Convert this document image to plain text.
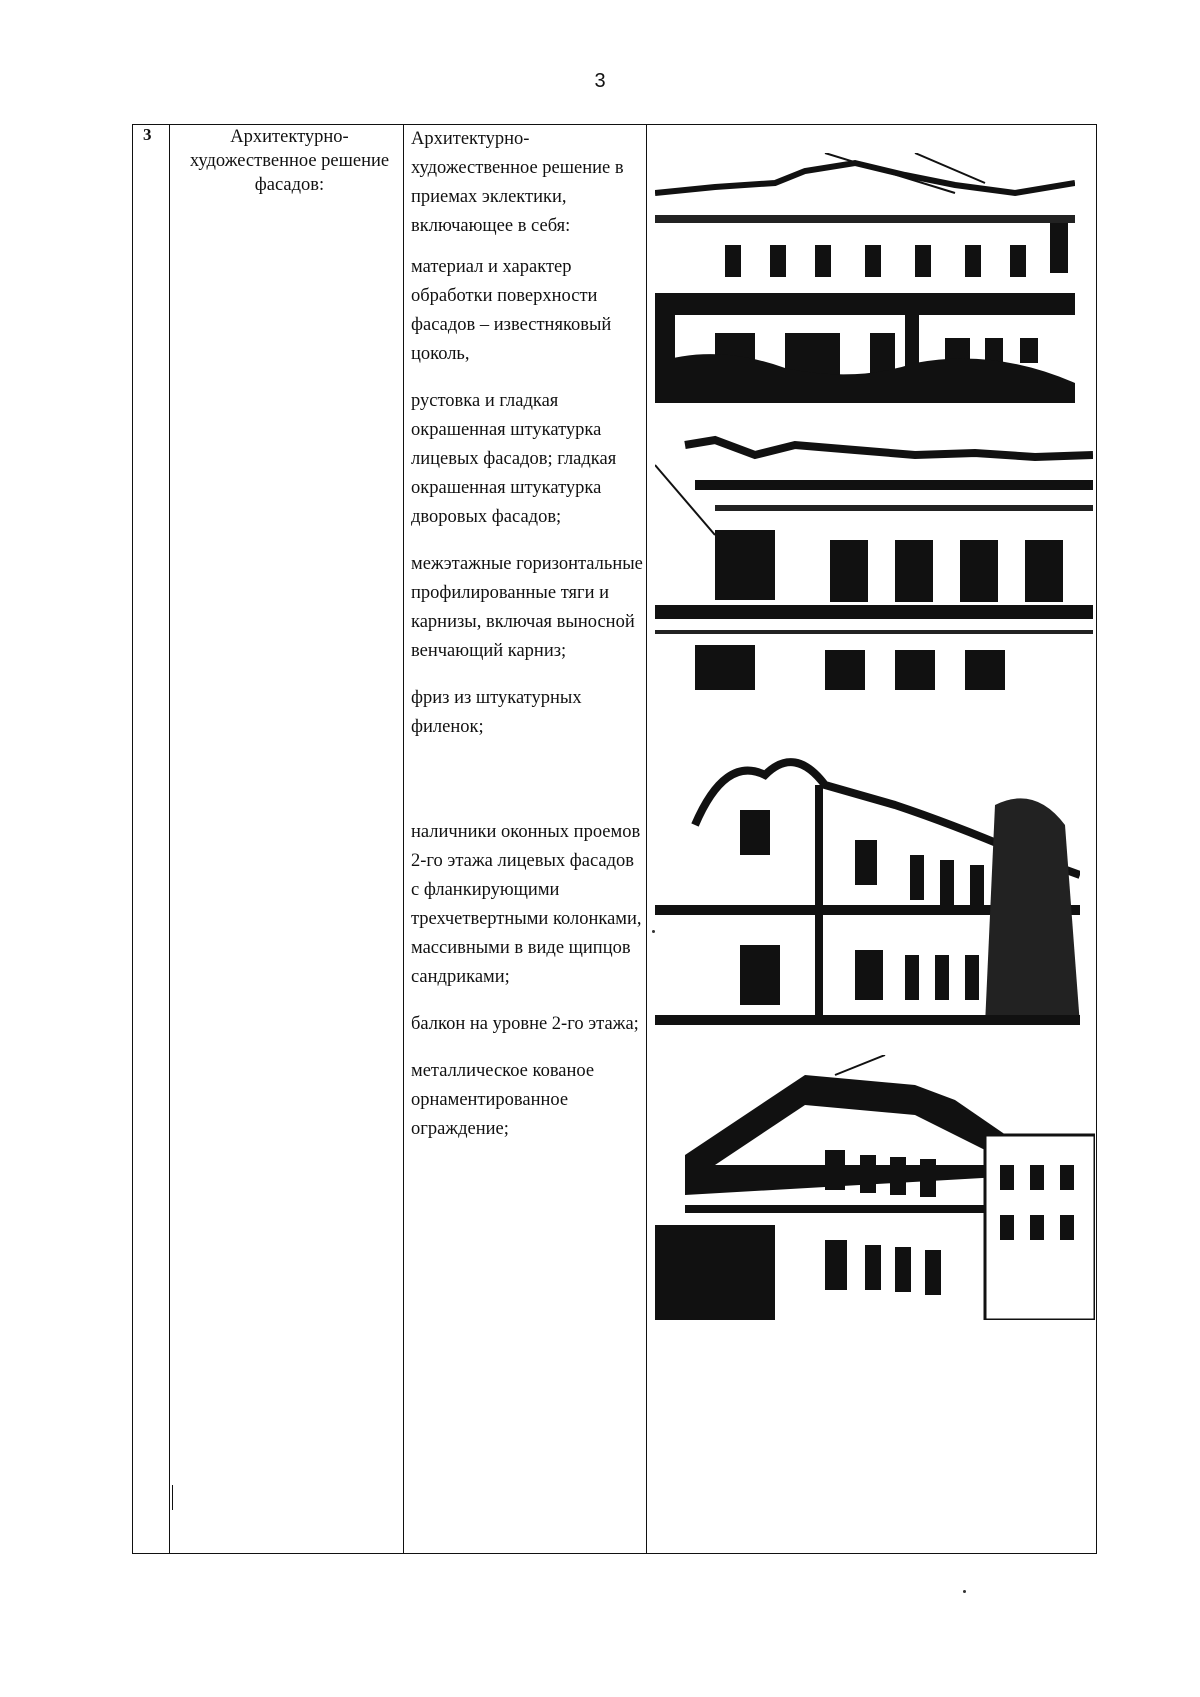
3
3	Архитектурно-художественное решение фасадов:

Архитектурно-художественное решение в приемах эклектики, включающее в себя:

материал и характер обработки поверхности фасадов – известняковый цоколь,

рустовка и гладкая окрашенная штукатурка лицевых фасадов; гладкая окрашенная штукатурка дворовых фасадов;

межэтажные горизонтальные профилированные тяги и карнизы, включая выносной венчающий карниз;

фриз из штукатурных филенок;

наличники оконных проемов 2-го этажа лицевых фасадов с фланкирующими трехчетвертными колонками, массивными в виде щипцов сандриками;

балкон на уровне 2-го этажа;

металлическое кованое орнаментированное ограждение;
